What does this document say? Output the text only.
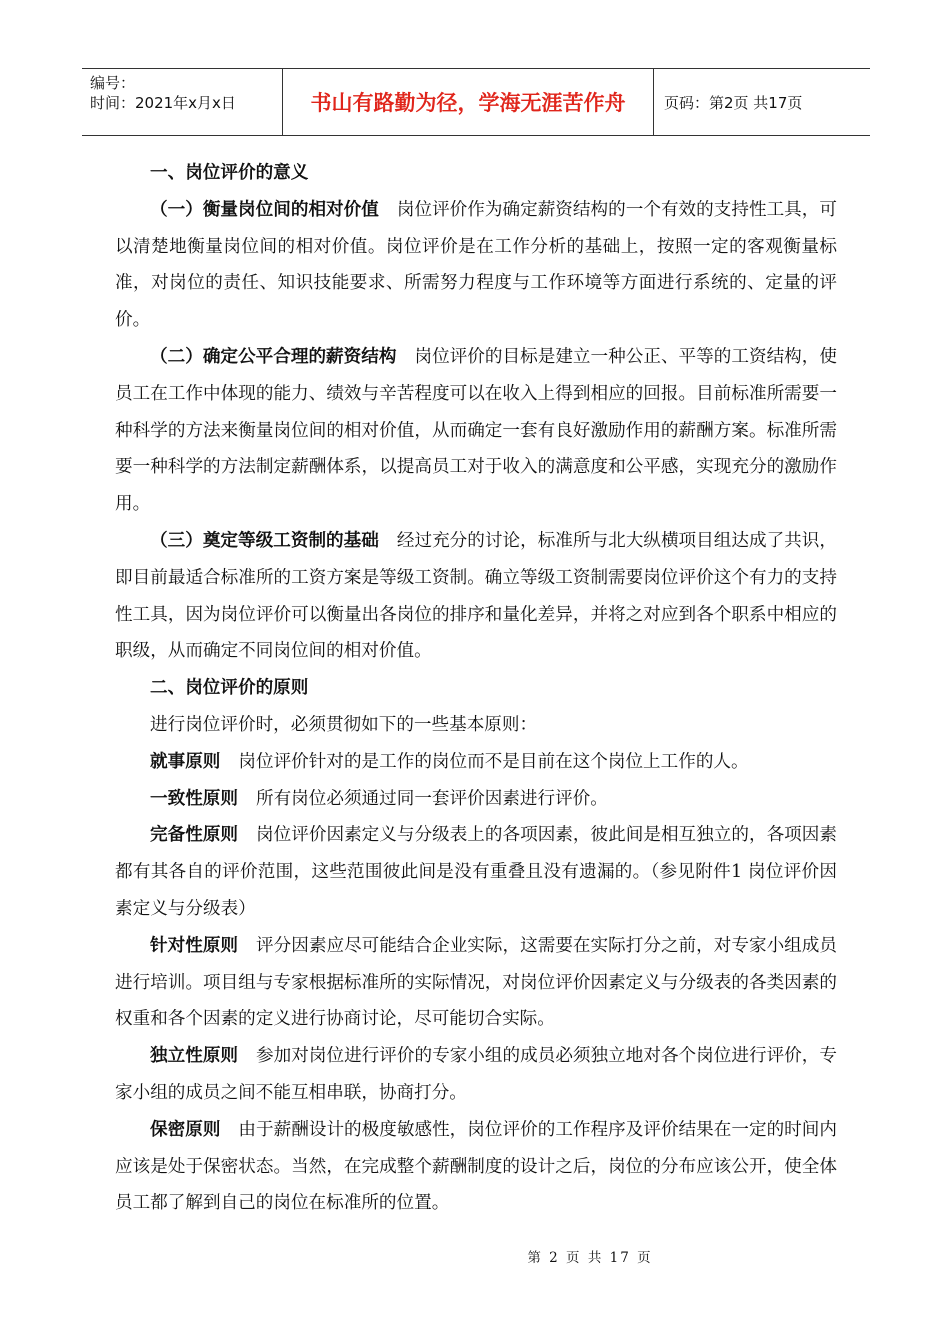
编号：
时间：2021年x月x日	书山有路勤为径，学海无涯苦作舟	页码：第2页 共17页

一、岗位评价的意义

（一）衡量岗位间的相对价值 岗位评价作为确定薪资结构的一个有效的支持性工具，可以清楚地衡量岗位间的相对价值。岗位评价是在工作分析的基础上，按照一定的客观衡量标准，对岗位的责任、知识技能要求、所需努力程度与工作环境等方面进行系统的、定量的评价。

（二）确定公平合理的薪资结构 岗位评价的目标是建立一种公正、平等的工资结构，使员工在工作中体现的能力、绩效与辛苦程度可以在收入上得到相应的回报。目前标准所需要一种科学的方法来衡量岗位间的相对价值，从而确定一套有良好激励作用的薪酬方案。标准所需要一种科学的方法制定薪酬体系，以提高员工对于收入的满意度和公平感，实现充分的激励作用。

（三）奠定等级工资制的基础 经过充分的讨论，标准所与北大纵横项目组达成了共识，即目前最适合标准所的工资方案是等级工资制。确立等级工资制需要岗位评价这个有力的支持性工具，因为岗位评价可以衡量出各岗位的排序和量化差异，并将之对应到各个职系中相应的职级，从而确定不同岗位间的相对价值。

二、岗位评价的原则

进行岗位评价时，必须贯彻如下的一些基本原则：

就事原则 岗位评价针对的是工作的岗位而不是目前在这个岗位上工作的人。

一致性原则 所有岗位必须通过同一套评价因素进行评价。

完备性原则 岗位评价因素定义与分级表上的各项因素，彼此间是相互独立的，各项因素都有其各自的评价范围，这些范围彼此间是没有重叠且没有遗漏的。（参见附件1 岗位评价因素定义与分级表）

针对性原则 评分因素应尽可能结合企业实际，这需要在实际打分之前，对专家小组成员进行培训。项目组与专家根据标准所的实际情况，对岗位评价因素定义与分级表的各类因素的权重和各个因素的定义进行协商讨论，尽可能切合实际。

独立性原则 参加对岗位进行评价的专家小组的成员必须独立地对各个岗位进行评价，专家小组的成员之间不能互相串联，协商打分。

保密原则 由于薪酬设计的极度敏感性，岗位评价的工作程序及评价结果在一定的时间内应该是处于保密状态。当然，在完成整个薪酬制度的设计之后，岗位的分布应该公开，使全体员工都了解到自己的岗位在标准所的位置。

第 2 页 共 17 页
